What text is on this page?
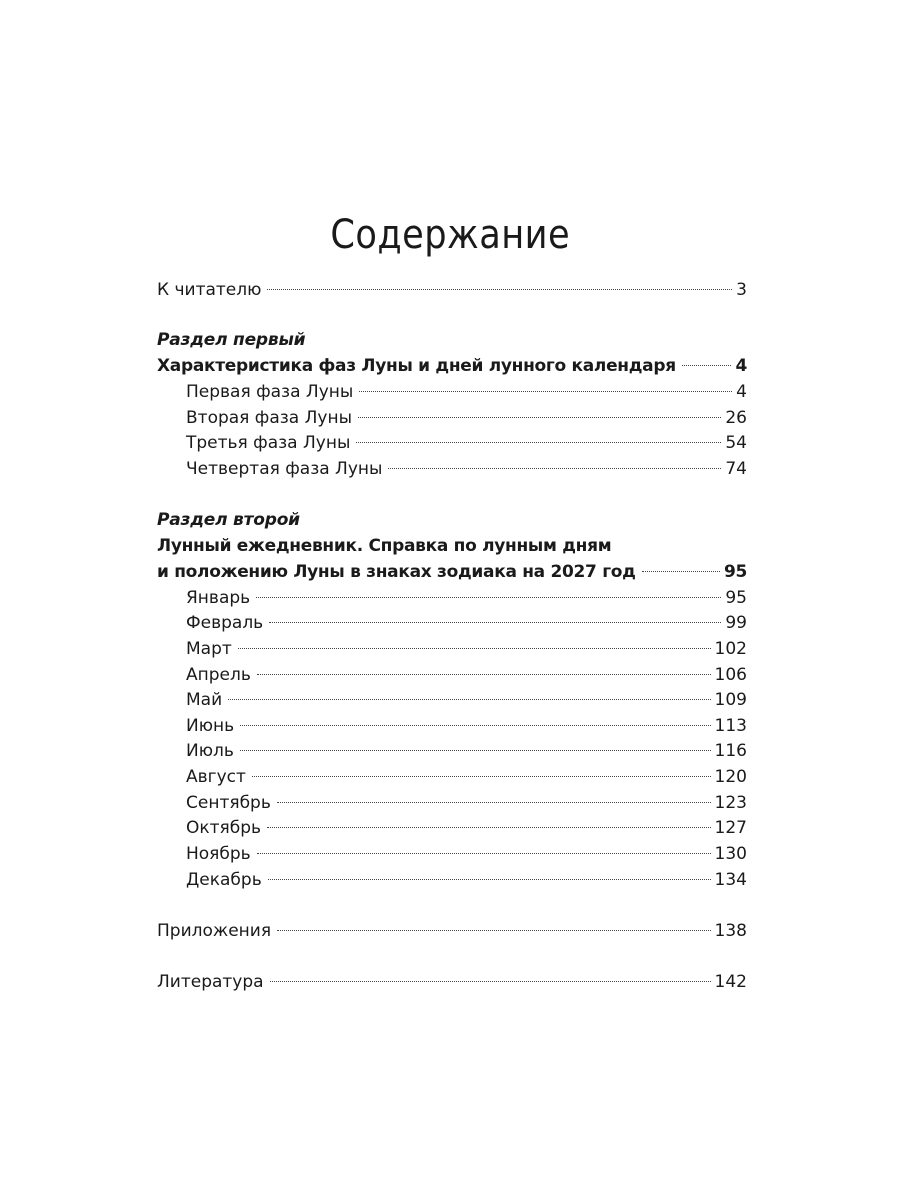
Содержание
К читателю	3
Раздел первый
Характеристика фаз Луны и дней лунного календаря	4
Первая фаза Луны	4
Вторая фаза Луны	26
Третья фаза Луны	54
Четвертая фаза Луны	74
Раздел второй
Лунный ежедневник. Справка по лунным дням
и положению Луны в знаках зодиака на 2027 год	95
Январь	95
Февраль	99
Март	102
Апрель	106
Май	109
Июнь	113
Июль	116
Август	120
Сентябрь	123
Октябрь	127
Ноябрь	130
Декабрь	134
Приложения	138
Литература	142
